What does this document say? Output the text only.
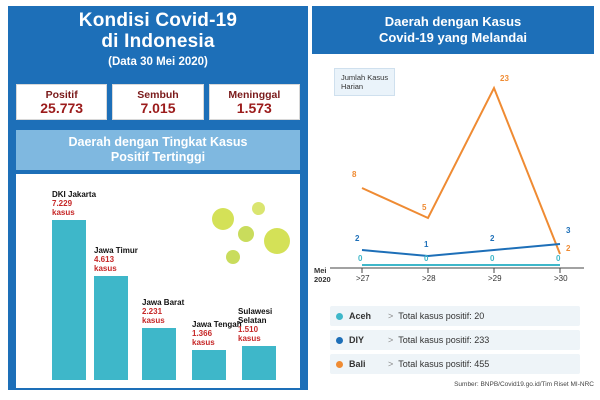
Kondisi Covid-19
di Indonesia
(Data 30 Mei 2020)
Positif
25.773
Sembuh
7.015
Meninggal
1.573
Daerah dengan Tingkat Kasus
Positif Tertinggi
DKI Jakarta
7.229
kasus
Jawa Timur
4.613
kasus
Jawa Barat
2.231
kasus	Jawa Tengah
1.366
kasus
Sulawesi Selatan
1.510
kasus
Daerah dengan Kasus
Covid-19 yang Melandai
Jumlah Kasus
Harian
8
5
23
2
2
1
2
3
0	0	0	0
>27	>28	>29	>30
Mei
2020
Aceh	> Total kasus positif: 20
DIY	> Total kasus positif: 233
Bali	> Total kasus positif: 455
Sumber: BNPB/Covid19.go.id/Tim Riset MI-NRC
